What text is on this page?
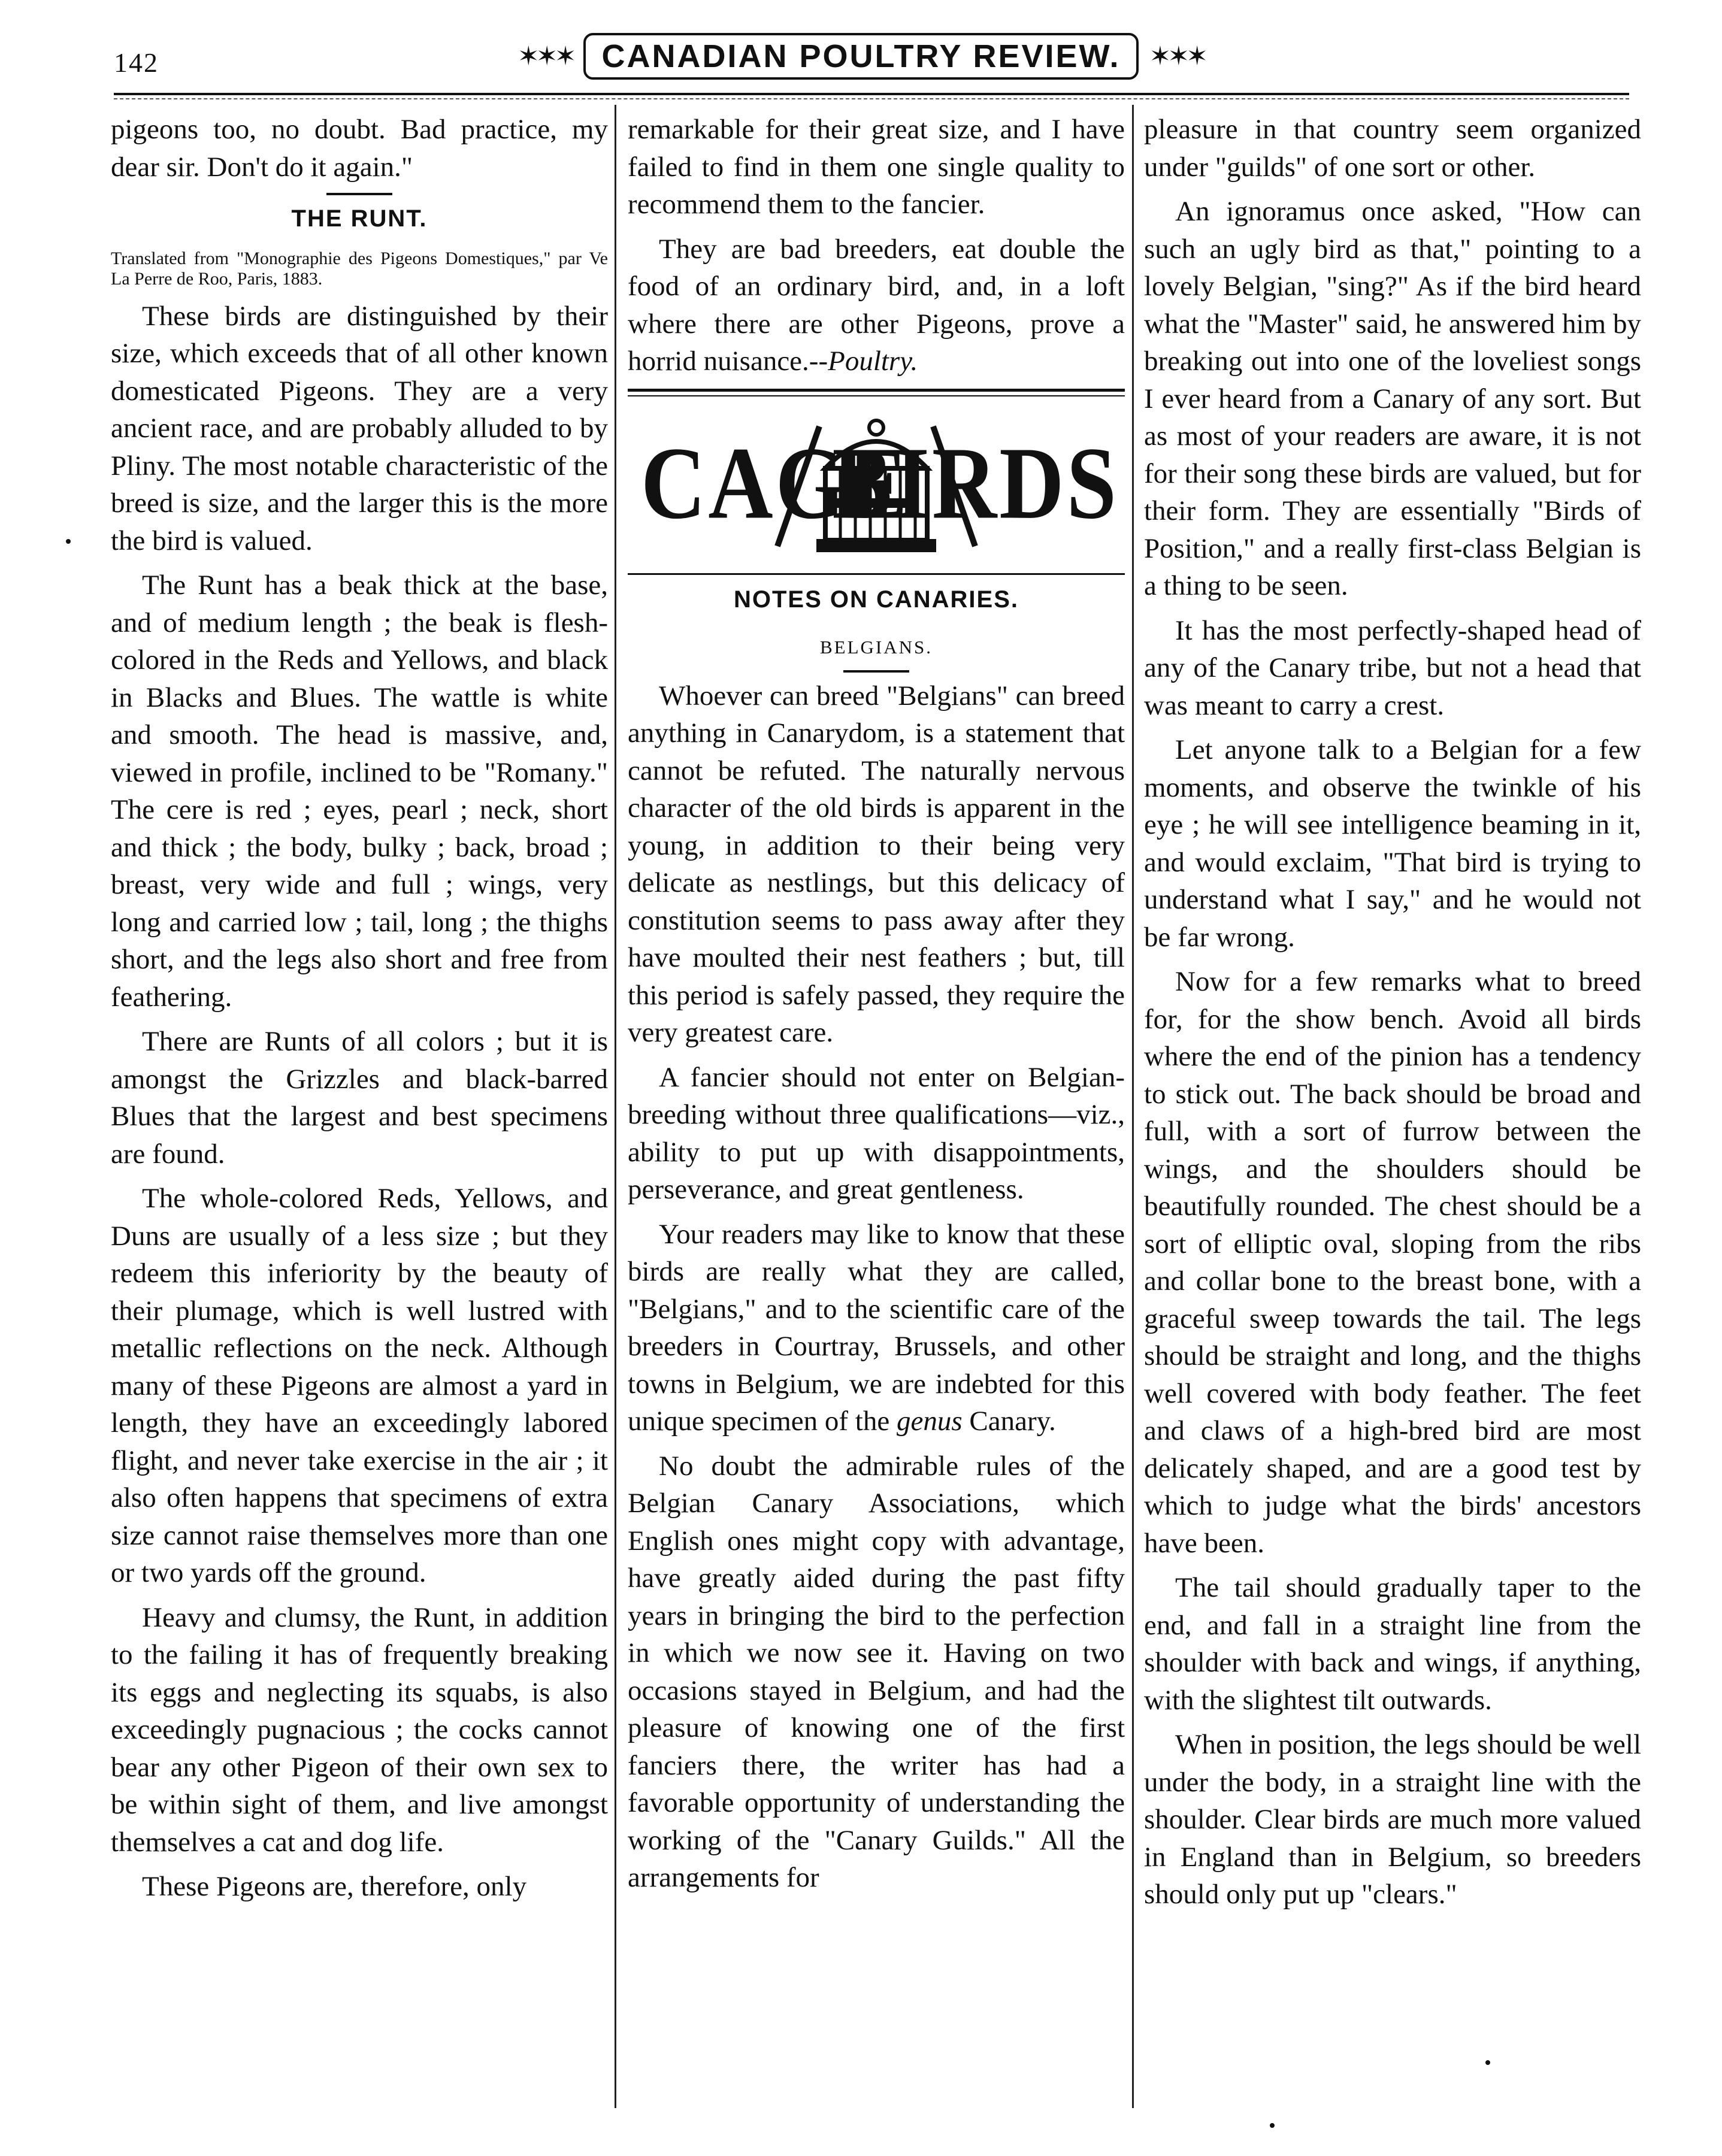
142	✶✶✶ CANADIAN POULTRY REVIEW. ✶✶✶

pigeons too, no doubt. Bad practice, my dear sir. Don't do it again."

THE RUNT.
Translated from "Monographie des Pigeons Domestiques," par Ve La Perre de Roo, Paris, 1883.

These birds are distinguished by their size, which exceeds that of all other known domesticated Pigeons. They are a very ancient race, and are probably alluded to by Pliny. The most notable characteristic of the breed is size, and the larger this is the more the bird is valued.

The Runt has a beak thick at the base, and of medium length ; the beak is flesh-colored in the Reds and Yellows, and black in Blacks and Blues. The wattle is white and smooth. The head is massive, and, viewed in profile, inclined to be "Romany." The cere is red ; eyes, pearl ; neck, short and thick ; the body, bulky ; back, broad ; breast, very wide and full ; wings, very long and carried low ; tail, long ; the thighs short, and the legs also short and free from feathering.

There are Runts of all colors ; but it is amongst the Grizzles and black-barred Blues that the largest and best specimens are found.

The whole-colored Reds, Yellows, and Duns are usually of a less size ; but they redeem this inferiority by the beauty of their plumage, which is well lustred with metallic reflections on the neck. Although many of these Pigeons are almost a yard in length, they have an exceedingly labored flight, and never take exercise in the air ; it also often happens that specimens of extra size cannot raise themselves more than one or two yards off the ground.

Heavy and clumsy, the Runt, in addition to the failing it has of frequently breaking its eggs and neglecting its squabs, is also exceedingly pugnacious ; the cocks cannot bear any other Pigeon of their own sex to be within sight of them, and live amongst themselves a cat and dog life.

These Pigeons are, therefore, only

remarkable for their great size, and I have failed to find in them one single quality to recommend them to the fancier.

They are bad breeders, eat double the food of an ordinary bird, and, in a loft where there are other Pigeons, prove a horrid nuisance.--Poultry.

CAGE
BIRDS
NOTES ON CANARIES.
BELGIANS.

Whoever can breed "Belgians" can breed anything in Canarydom, is a statement that cannot be refuted. The naturally nervous character of the old birds is apparent in the young, in addition to their being very delicate as nestlings, but this delicacy of constitution seems to pass away after they have moulted their nest feathers ; but, till this period is safely passed, they require the very greatest care.

A fancier should not enter on Belgian-breeding without three qualifications—viz., ability to put up with disappointments, perseverance, and great gentleness.

Your readers may like to know that these birds are really what they are called, "Belgians," and to the scientific care of the breeders in Courtray, Brussels, and other towns in Belgium, we are indebted for this unique specimen of the genus Canary.

No doubt the admirable rules of the Belgian Canary Associations, which English ones might copy with advantage, have greatly aided during the past fifty years in bringing the bird to the perfection in which we now see it. Having on two occasions stayed in Belgium, and had the pleasure of knowing one of the first fanciers there, the writer has had a favorable opportunity of understanding the working of the "Canary Guilds." All the arrangements for

pleasure in that country seem organized under "guilds" of one sort or other.

An ignoramus once asked, "How can such an ugly bird as that," pointing to a lovely Belgian, "sing?" As if the bird heard what the "Master" said, he answered him by breaking out into one of the loveliest songs I ever heard from a Canary of any sort. But as most of your readers are aware, it is not for their song these birds are valued, but for their form. They are essentially "Birds of Position," and a really first-class Belgian is a thing to be seen.

It has the most perfectly-shaped head of any of the Canary tribe, but not a head that was meant to carry a crest.

Let anyone talk to a Belgian for a few moments, and observe the twinkle of his eye ; he will see intelligence beaming in it, and would exclaim, "That bird is trying to understand what I say," and he would not be far wrong.

Now for a few remarks what to breed for, for the show bench. Avoid all birds where the end of the pinion has a tendency to stick out. The back should be broad and full, with a sort of furrow between the wings, and the shoulders should be beautifully rounded. The chest should be a sort of elliptic oval, sloping from the ribs and collar bone to the breast bone, with a graceful sweep towards the tail. The legs should be straight and long, and the thighs well covered with body feather. The feet and claws of a high-bred bird are most delicately shaped, and are a good test by which to judge what the birds' ancestors have been.

The tail should gradually taper to the end, and fall in a straight line from the shoulder with back and wings, if anything, with the slightest tilt outwards.

When in position, the legs should be well under the body, in a straight line with the shoulder. Clear birds are much more valued in England than in Belgium, so breeders should only put up "clears."
